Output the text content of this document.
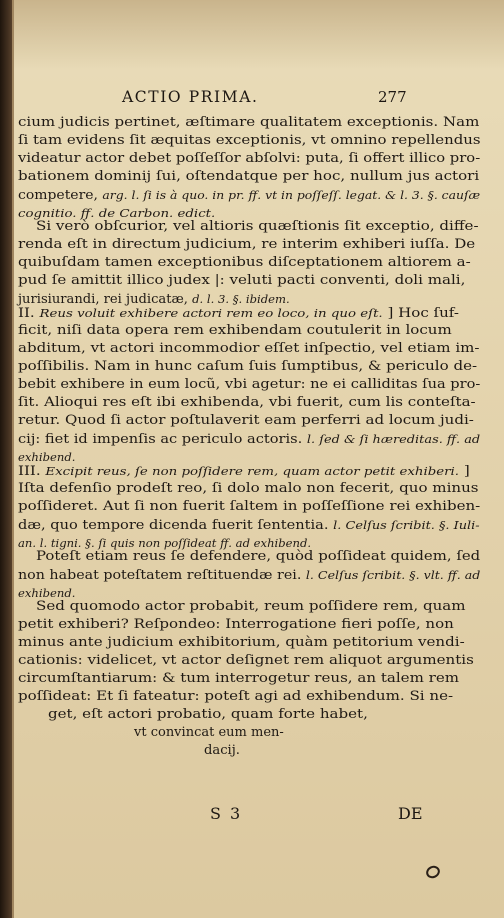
ACTIO PRIMA.	277
cium judicis pertinet, æſtimare qualitatem exceptionis. Nam
ſi tam evidens ſit æquitas exceptionis, vt omnino repellendus
videatur actor debet poſſeſſor abſolvi: puta, ſi offert illico pro-
bationem dominij ſui, oſtendatque per hoc, nullum jus actori
competere, arg. l. ſi is à quo. in pr. ff. vt in poſſeſſ. legat. & l. 3. §. cauſæ
cognitio. ff. de Carbon. edict.
Si verò obſcurior, vel altioris quæſtionis ſit exceptio, diffe-
renda eſt in directum judicium, re interim exhiberi iuſſa. De
quibuſdam tamen exceptionibus diſceptationem altiorem a-
pud ſe amittit illico judex |: veluti pacti conventi, doli mali,
jurisiurandi, rei judicatæ, d. l. 3. §. ibidem.
II. Reus voluit exhibere actori rem eo loco, in quo eſt. ] Hoc ſuf-
ficit, niſi data opera rem exhibendam coutulerit in locum
abditum, vt actori incommodior eſſet inſpectio, vel etiam im-
poſſibilis. Nam in hunc caſum ſuis ſumptibus, & periculo de-
bebit exhibere in eum locũ, vbi agetur: ne ei calliditas ſua pro-
ſit. Alioqui res eſt ibi exhibenda, vbi fuerit, cum lis conteſta-
retur. Quod ſi actor poſtulaverit eam perferri ad locum judi-
cij: fiet id impenſis ac periculo actoris. l. ſed & ſi hæreditas. ff. ad
exhibend.
III. Excipit reus, ſe non poſſidere rem, quam actor petit exhiberi. ]
Iſta defenſio prodeſt reo, ſi dolo malo non fecerit, quo minus
poſſideret. Aut ſi non fuerit ſaltem in poſſeſſione rei exhiben-
dæ, quo tempore dicenda fuerit ſententia. l. Celſus ſcribit. §. Iuli-
an. l. tigni. §. ſi quis non poſſideat ff. ad exhibend.
Poteſt etiam reus ſe defendere, quòd poſſideat quidem, ſed
non habeat poteſtatem reſtituendæ rei. l. Celſus ſcribit. §. vlt. ff. ad
exhibend.
Sed quomodo actor probabit, reum poſſidere rem, quam
petit exhiberi? Reſpondeo: Interrogatione fieri poſſe, non
minus ante judicium exhibitorium, quàm petitorium vendi-
cationis: videlicet, vt actor deſignet rem aliquot argumentis
circumſtantiarum: & tum interrogetur reus, an talem rem
poſſideat: Et ſi fateatur: poteſt agi ad exhibendum. Si ne-
get, eſt actori probatio, quam forte habet,
vt convincat eum men-
dacij.
S 3	DE
